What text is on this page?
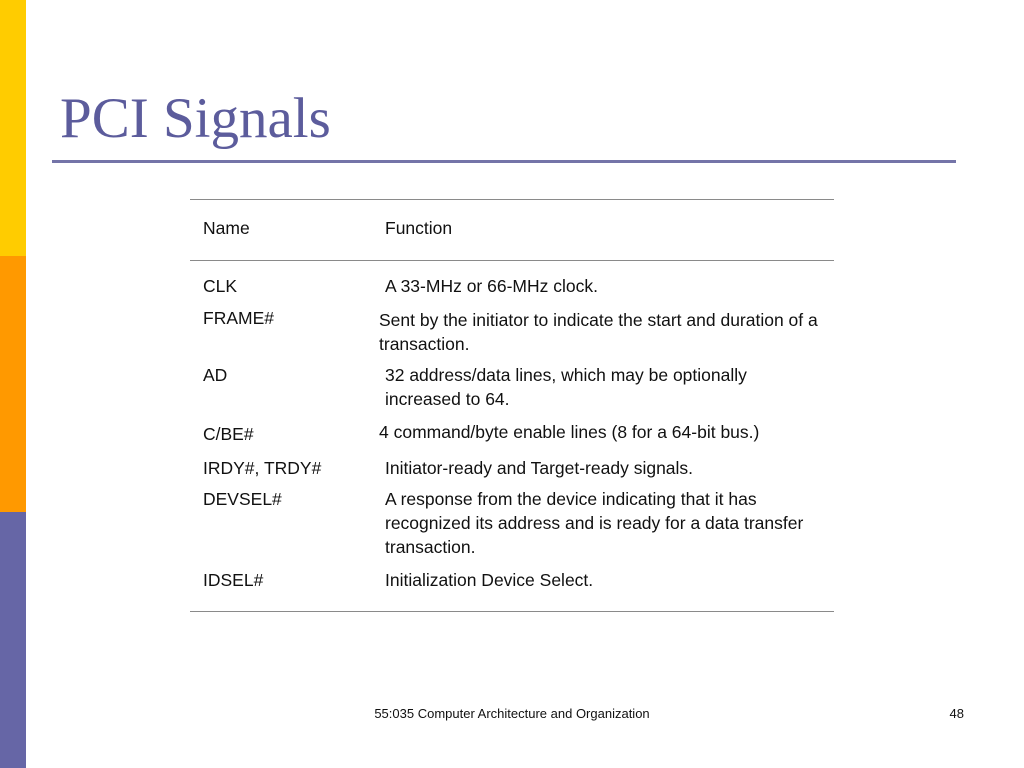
PCI Signals
Name	Function
CLK	A 33-MHz or 66-MHz clock.
FRAME#	Sent by the initiator to indicate the start and duration of a transaction.
AD	32 address/data lines, which may be optionally increased to 64.
C/BE#	4 command/byte enable lines (8 for a 64-bit bus.)
IRDY#, TRDY#	Initiator-ready and Target-ready signals.
DEVSEL#	A response from the device indicating that it has recognized its address and is ready for a data transfer transaction.
IDSEL#	Initialization Device Select.
55:035 Computer Architecture and Organization	48
